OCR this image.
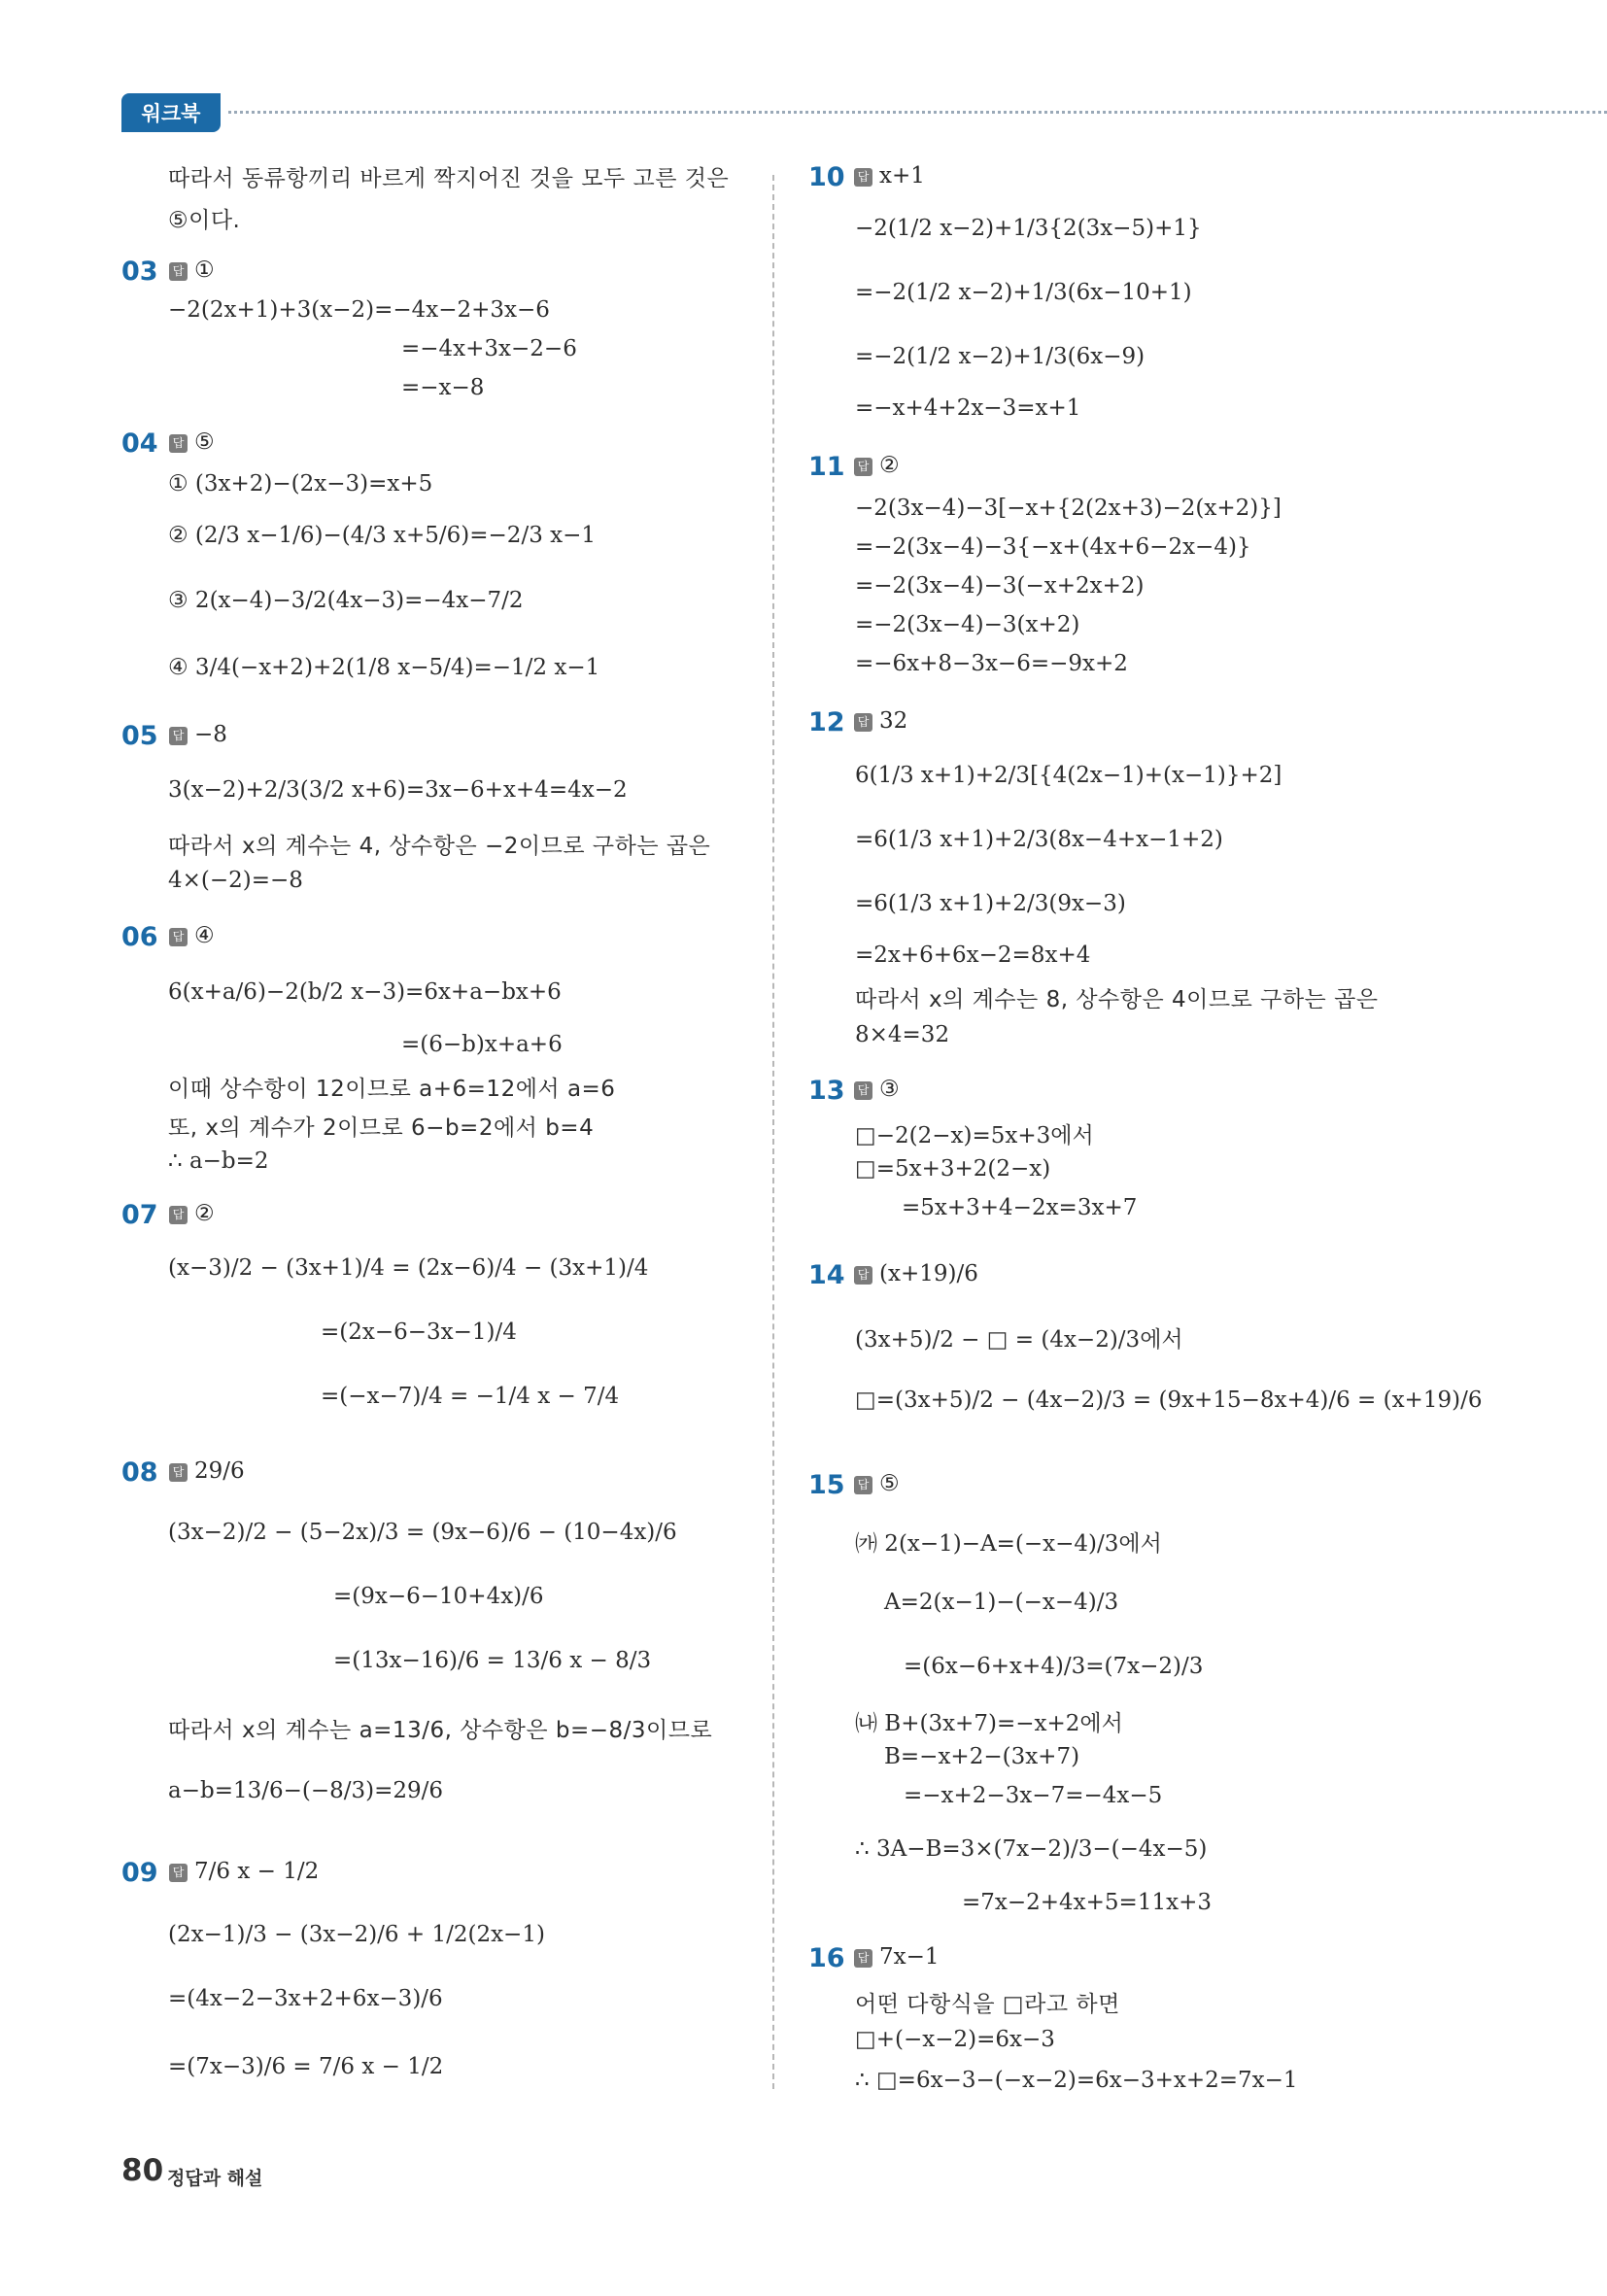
워크북
따라서 동류항끼리 바르게 짝지어진 것을 모두 고른 것은
⑤이다.
03	답 ①
−2(2x+1)+3(x−2)=−4x−2+3x−6
=−4x+3x−2−6
=−x−8
04	답 ⑤
① (3x+2)−(2x−3)=x+5
② (2/3 x−1/6)−(4/3 x+5/6)=−2/3 x−1
③ 2(x−4)−3/2(4x−3)=−4x−7/2
④ 3/4(−x+2)+2(1/8 x−5/4)=−1/2 x−1
05	답 −8
3(x−2)+2/3(3/2 x+6)=3x−6+x+4=4x−2
따라서 x의 계수는 4, 상수항은 −2이므로 구하는 곱은
4×(−2)=−8
06	답 ④
6(x+a/6)−2(b/2 x−3)=6x+a−bx+6
=(6−b)x+a+6
이때 상수항이 12이므로 a+6=12에서 a=6
또, x의 계수가 2이므로 6−b=2에서 b=4
∴ a−b=2
07	답 ②
(x−3)/2 − (3x+1)/4 = (2x−6)/4 − (3x+1)/4
=(2x−6−3x−1)/4
=(−x−7)/4 = −1/4 x − 7/4
08	답 29/6
(3x−2)/2 − (5−2x)/3 = (9x−6)/6 − (10−4x)/6
=(9x−6−10+4x)/6
=(13x−16)/6 = 13/6 x − 8/3
따라서 x의 계수는 a=13/6, 상수항은 b=−8/3이므로
a−b=13/6−(−8/3)=29/6
09	답 7/6 x − 1/2
(2x−1)/3 − (3x−2)/6 + 1/2(2x−1)
=(4x−2−3x+2+6x−3)/6
=(7x−3)/6 = 7/6 x − 1/2
10	답 x+1
−2(1/2 x−2)+1/3{2(3x−5)+1}
=−2(1/2 x−2)+1/3(6x−10+1)
=−2(1/2 x−2)+1/3(6x−9)
=−x+4+2x−3=x+1
11	답 ②
−2(3x−4)−3[−x+{2(2x+3)−2(x+2)}]
=−2(3x−4)−3{−x+(4x+6−2x−4)}
=−2(3x−4)−3(−x+2x+2)
=−2(3x−4)−3(x+2)
=−6x+8−3x−6=−9x+2
12	답 32
6(1/3 x+1)+2/3[{4(2x−1)+(x−1)}+2]
=6(1/3 x+1)+2/3(8x−4+x−1+2)
=6(1/3 x+1)+2/3(9x−3)
=2x+6+6x−2=8x+4
따라서 x의 계수는 8, 상수항은 4이므로 구하는 곱은
8×4=32
13	답 ③
□−2(2−x)=5x+3에서
□=5x+3+2(2−x)
=5x+3+4−2x=3x+7
14	답 (x+19)/6
(3x+5)/2 − □ = (4x−2)/3에서
□=(3x+5)/2 − (4x−2)/3 = (9x+15−8x+4)/6 = (x+19)/6
15	답 ⑤
㈎ 2(x−1)−A=(−x−4)/3에서
A=2(x−1)−(−x−4)/3
=(6x−6+x+4)/3=(7x−2)/3
㈏ B+(3x+7)=−x+2에서
B=−x+2−(3x+7)
=−x+2−3x−7=−4x−5
∴ 3A−B=3×(7x−2)/3−(−4x−5)
=7x−2+4x+5=11x+3
16	답 7x−1
어떤 다항식을 □라고 하면
□+(−x−2)=6x−3
∴ □=6x−3−(−x−2)=6x−3+x+2=7x−1
80 정답과 해설
